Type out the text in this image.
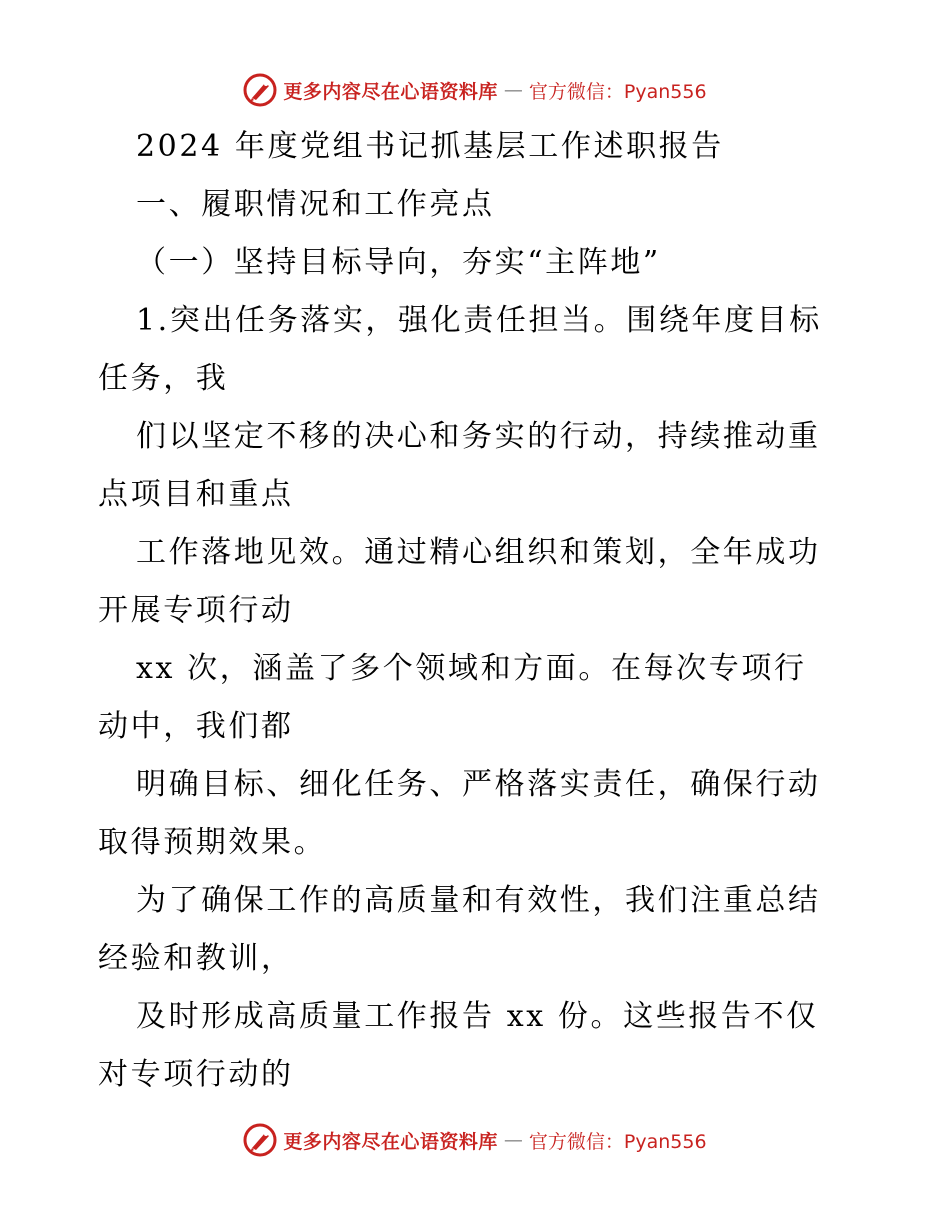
更多内容尽在心语资料库 — 官方微信：Pyan556
2024 年度党组书记抓基层工作述职报告
一、履职情况和工作亮点
（一）坚持目标导向，夯实“主阵地”
1.突出任务落实，强化责任担当。围绕年度目标
任务，我
们以坚定不移的决心和务实的行动，持续推动重
点项目和重点
工作落地见效。通过精心组织和策划，全年成功
开展专项行动
xx 次，涵盖了多个领域和方面。在每次专项行
动中，我们都
明确目标、细化任务、严格落实责任，确保行动
取得预期效果。
为了确保工作的高质量和有效性，我们注重总结
经验和教训，
及时形成高质量工作报告 xx 份。这些报告不仅
对专项行动的
更多内容尽在心语资料库 — 官方微信：Pyan556
